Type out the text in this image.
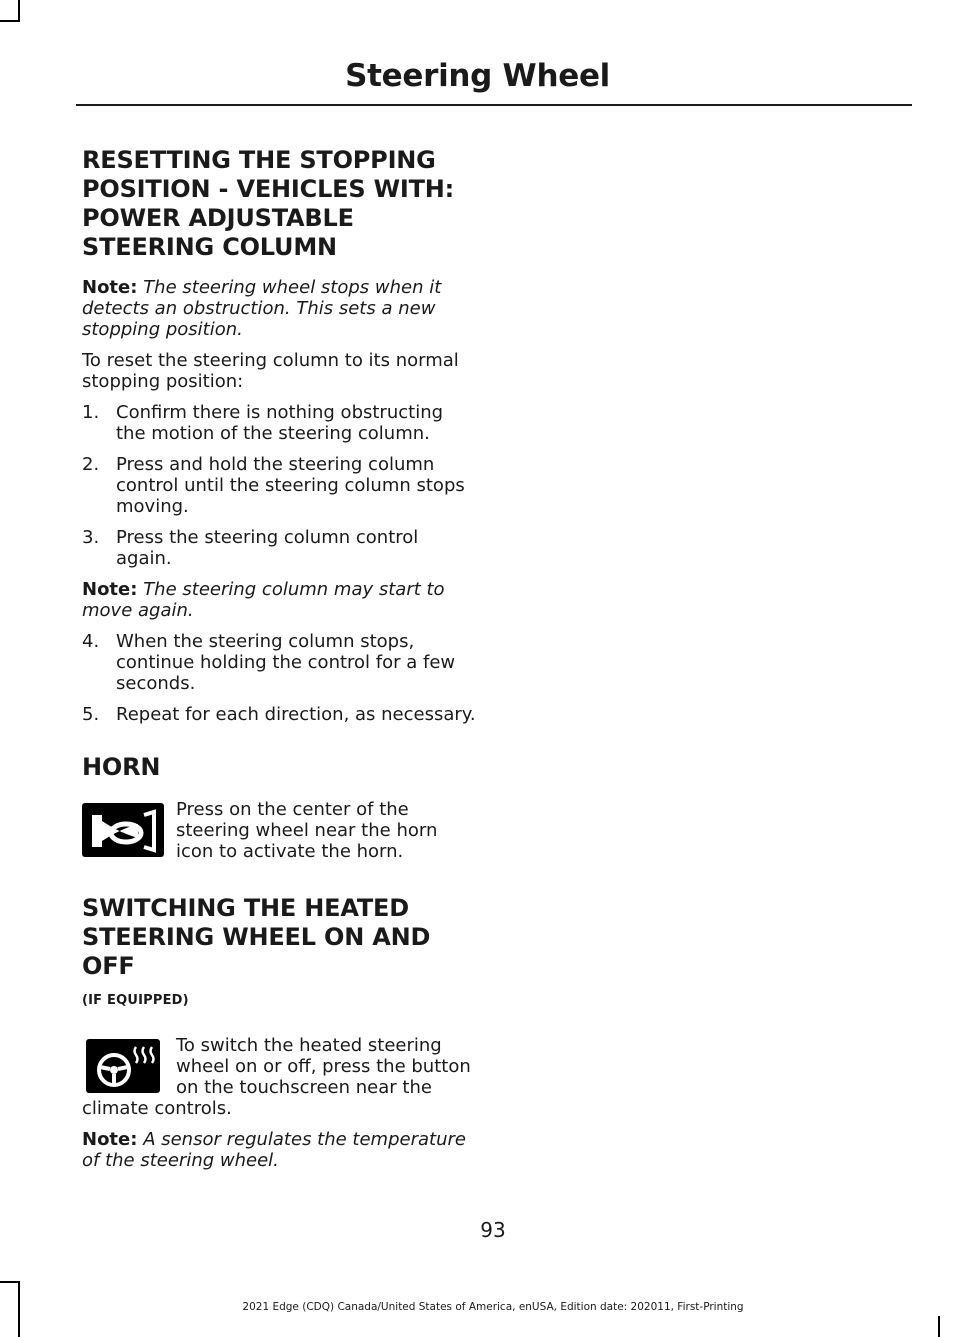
Steering Wheel
RESETTING THE STOPPING POSITION - VEHICLES WITH: POWER ADJUSTABLE STEERING COLUMN

Note: The steering wheel stops when it detects an obstruction. This sets a new stopping position.

To reset the steering column to its normal stopping position:

1. Confirm there is nothing obstructing the motion of the steering column.
2. Press and hold the steering column control until the steering column stops moving.
3. Press the steering column control again.

Note: The steering column may start to move again.

4. When the steering column stops, continue holding the control for a few seconds.
5. Repeat for each direction, as necessary.
HORN

Press on the center of the steering wheel near the horn icon to activate the horn.

SWITCHING THE HEATED STEERING WHEEL ON AND OFF
(IF EQUIPPED)

To switch the heated steering wheel on or off, press the button on the touchscreen near the climate controls.

Note: A sensor regulates the temperature of the steering wheel.

93
2021 Edge (CDQ) Canada/United States of America, enUSA, Edition date: 202011, First-Printing
